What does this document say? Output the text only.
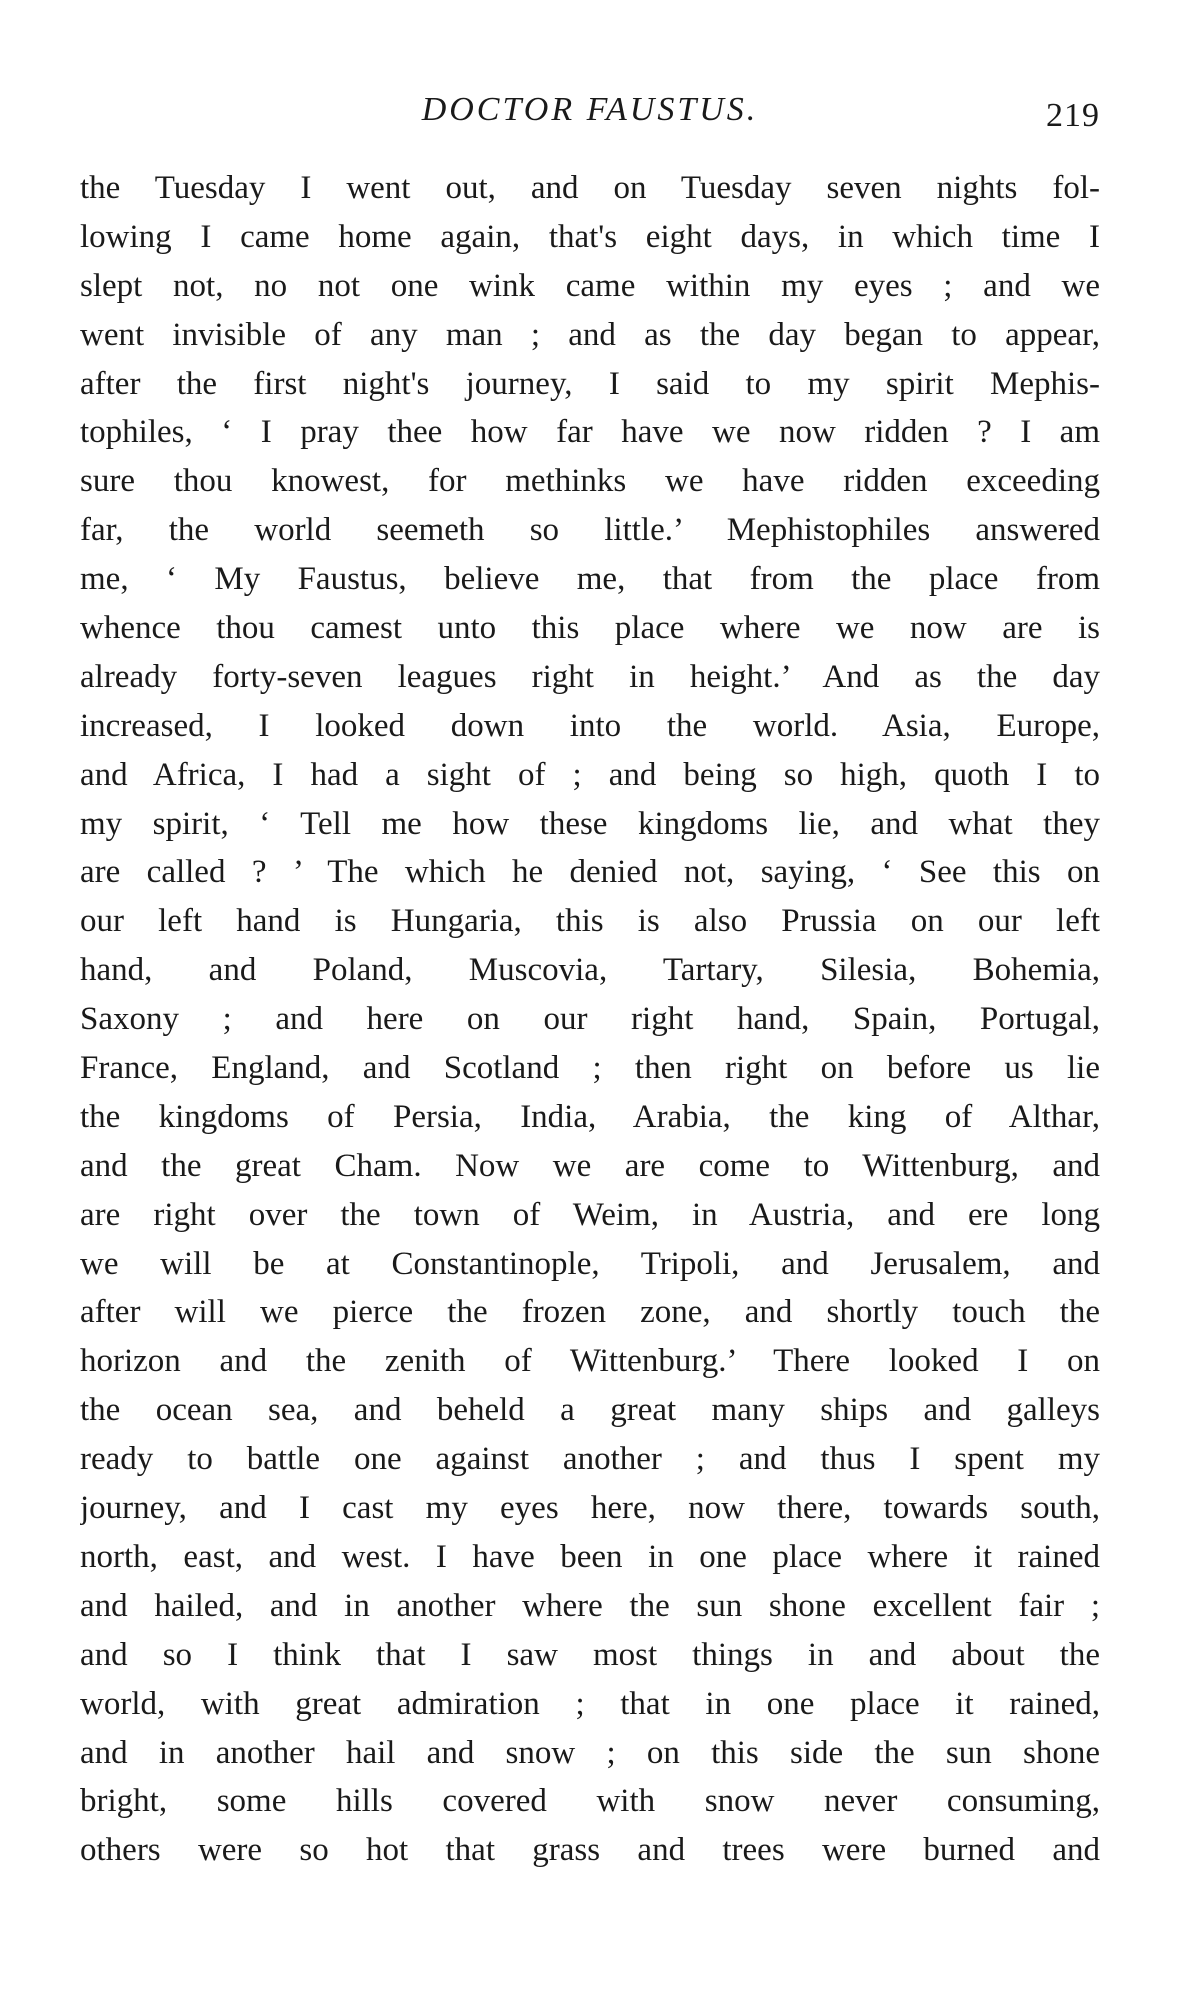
DOCTOR FAUSTUS.	219
the Tuesday I went out, and on Tuesday seven nights fol-
lowing I came home again, that's eight days, in which time I
slept not, no not one wink came within my eyes ; and we
went invisible of any man ; and as the day began to appear,
after the first night's journey, I said to my spirit Mephis-
tophiles, ‘ I pray thee how far have we now ridden ? I am
sure thou knowest, for methinks we have ridden exceeding
far, the world seemeth so little.’ Mephistophiles answered
me, ‘ My Faustus, believe me, that from the place from
whence thou camest unto this place where we now are is
already forty-seven leagues right in height.’ And as the day
increased, I looked down into the world. Asia, Europe,
and Africa, I had a sight of ; and being so high, quoth I to
my spirit, ‘ Tell me how these kingdoms lie, and what they
are called ? ’ The which he denied not, saying, ‘ See this on
our left hand is Hungaria, this is also Prussia on our left
hand, and Poland, Muscovia, Tartary, Silesia, Bohemia,
Saxony ; and here on our right hand, Spain, Portugal,
France, England, and Scotland ; then right on before us lie
the kingdoms of Persia, India, Arabia, the king of Althar,
and the great Cham. Now we are come to Wittenburg, and
are right over the town of Weim, in Austria, and ere long
we will be at Constantinople, Tripoli, and Jerusalem, and
after will we pierce the frozen zone, and shortly touch the
horizon and the zenith of Wittenburg.’ There looked I on
the ocean sea, and beheld a great many ships and galleys
ready to battle one against another ; and thus I spent my
journey, and I cast my eyes here, now there, towards south,
north, east, and west. I have been in one place where it rained
and hailed, and in another where the sun shone excellent fair ;
and so I think that I saw most things in and about the
world, with great admiration ; that in one place it rained,
and in another hail and snow ; on this side the sun shone
bright, some hills covered with snow never consuming,
others were so hot that grass and trees were burned and
